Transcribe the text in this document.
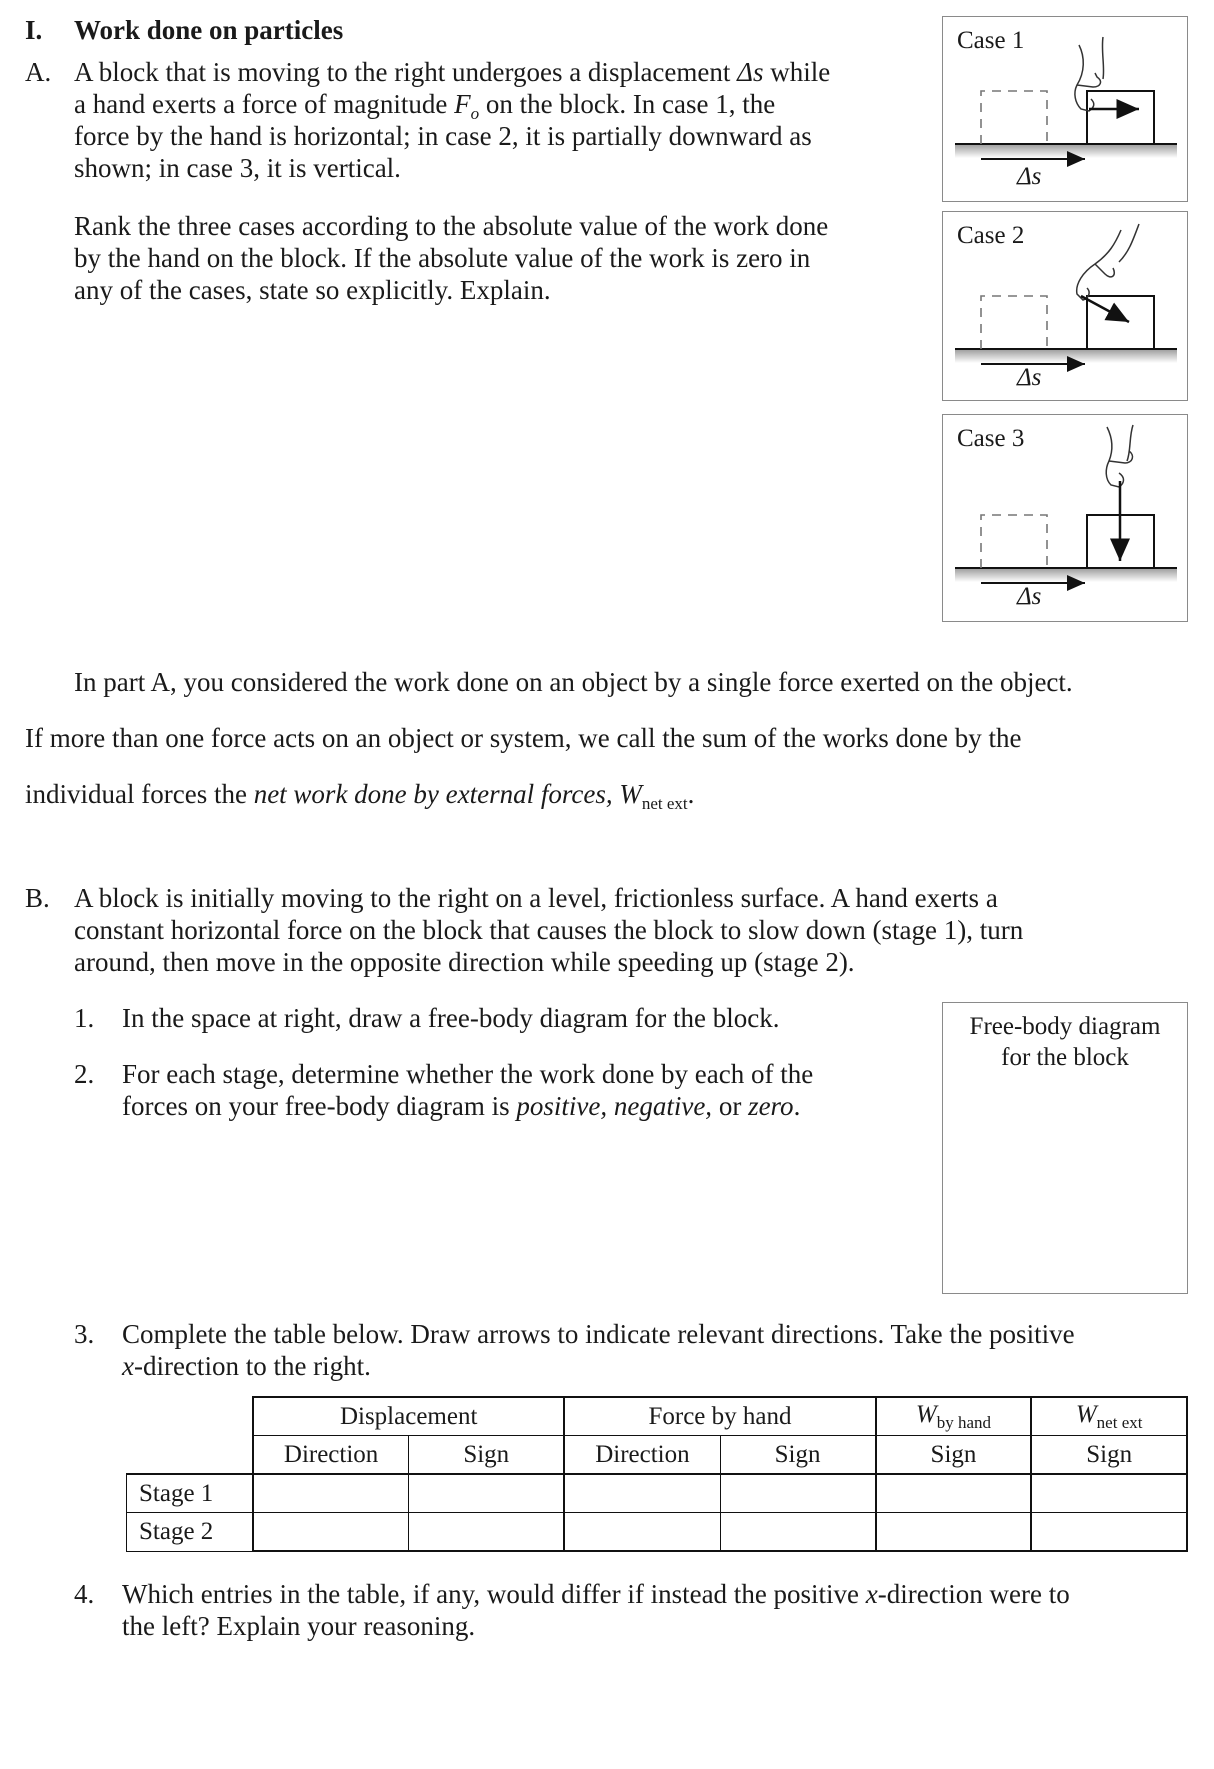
I. Work done on particles
A. A block that is moving to the right undergoes a displacement Δs while
a hand exerts a force of magnitude $F_o$ on the block. In case 1, the
force by the hand is horizontal; in case 2, it is partially downward as
shown; in case 3, it is vertical.
Rank the three cases according to the absolute value of the work done
by the hand on the block. If the absolute value of the work is zero in
any of the cases, state so explicitly. Explain.
Case 1
Δs
Case 2
Δs
Case 3
Δs
In part A, you considered the work done on an object by a single force exerted on the object.
If more than one force acts on an object or system, we call the sum of the works done by the
individual forces the net work done by external forces, $W_{net ext}$.
B. A block is initially moving to the right on a level, frictionless surface. A hand exerts a
constant horizontal force on the block that causes the block to slow down (stage 1), turn
around, then move in the opposite direction while speeding up (stage 2).
1. In the space at right, draw a free-body diagram for the block.
2. For each stage, determine whether the work done by each of the
forces on your free-body diagram is positive, negative, or zero.
Free-body diagram
for the block
3. Complete the table below. Draw arrows to indicate relevant directions. Take the positive
x-direction to the right.
	Displacement		Force by hand		$W_{by hand}$	$W_{net ext}$
	Direction	Sign	Direction	Sign	Sign	Sign
Stage 1						
Stage 2						
4. Which entries in the table, if any, would differ if instead the positive x-direction were to
the left? Explain your reasoning.
